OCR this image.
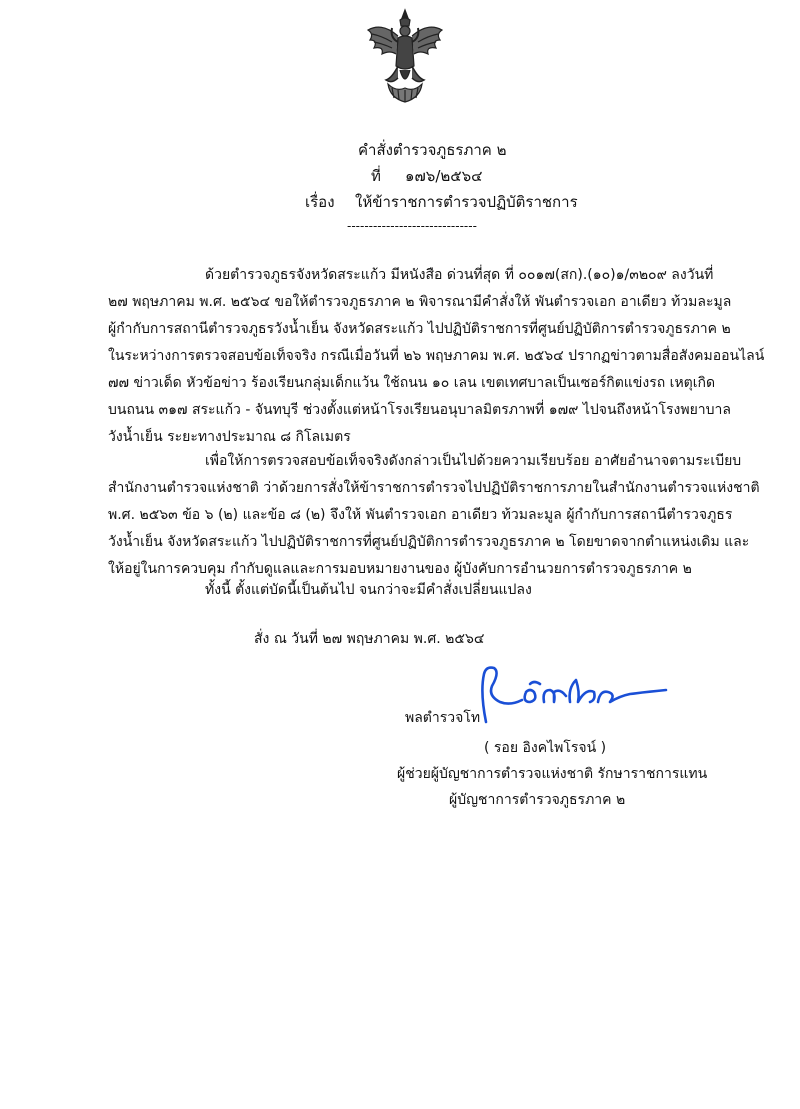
คำสั่งตำรวจภูธรภาค ๒
ที่ ๑๗๖/๒๕๖๔
เรื่อง ให้ข้าราชการตำรวจปฏิบัติราชการ
------------------------------
ด้วยตำรวจภูธรจังหวัดสระแก้ว มีหนังสือ ด่วนที่สุด ที่ ๐๐๑๗(สก).(๑๐)๑/๓๒๐๙ ลงวันที่
๒๗ พฤษภาคม พ.ศ. ๒๕๖๔ ขอให้ตำรวจภูธรภาค ๒ พิจารณามีคำสั่งให้ พันตำรวจเอก อาเดียว ท้วมละมูล
ผู้กำกับการสถานีตำรวจภูธรวังน้ำเย็น จังหวัดสระแก้ว ไปปฏิบัติราชการที่ศูนย์ปฏิบัติการตำรวจภูธรภาค ๒
ในระหว่างการตรวจสอบข้อเท็จจริง กรณีเมื่อวันที่ ๒๖ พฤษภาคม พ.ศ. ๒๕๖๔ ปรากฏข่าวตามสื่อสังคมออนไลน์
๗๗ ข่าวเด็ด หัวข้อข่าว ร้องเรียนกลุ่มเด็กแว้น ใช้ถนน ๑๐ เลน เขตเทศบาลเป็นเซอร์กิตแข่งรถ เหตุเกิด
บนถนน ๓๑๗ สระแก้ว - จันทบุรี ช่วงตั้งแต่หน้าโรงเรียนอนุบาลมิตรภาพที่ ๑๗๙ ไปจนถึงหน้าโรงพยาบาล
วังน้ำเย็น ระยะทางประมาณ ๘ กิโลเมตร
เพื่อให้การตรวจสอบข้อเท็จจริงดังกล่าวเป็นไปด้วยความเรียบร้อย อาศัยอำนาจตามระเบียบ
สำนักงานตำรวจแห่งชาติ ว่าด้วยการสั่งให้ข้าราชการตำรวจไปปฏิบัติราชการภายในสำนักงานตำรวจแห่งชาติ
พ.ศ. ๒๕๖๓ ข้อ ๖ (๒) และข้อ ๘ (๒) จึงให้ พันตำรวจเอก อาเดียว ท้วมละมูล ผู้กำกับการสถานีตำรวจภูธร
วังน้ำเย็น จังหวัดสระแก้ว ไปปฏิบัติราชการที่ศูนย์ปฏิบัติการตำรวจภูธรภาค ๒ โดยขาดจากตำแหน่งเดิม และ
ให้อยู่ในการควบคุม กำกับดูแลและการมอบหมายงานของ ผู้บังคับการอำนวยการตำรวจภูธรภาค ๒
ทั้งนี้ ตั้งแต่บัดนี้เป็นต้นไป จนกว่าจะมีคำสั่งเปลี่ยนแปลง
สั่ง ณ วันที่ ๒๗ พฤษภาคม พ.ศ. ๒๕๖๔
พลตำรวจโท
( รอย อิงคไพโรจน์ )
ผู้ช่วยผู้บัญชาการตำรวจแห่งชาติ รักษาราชการแทน
ผู้บัญชาการตำรวจภูธรภาค ๒
